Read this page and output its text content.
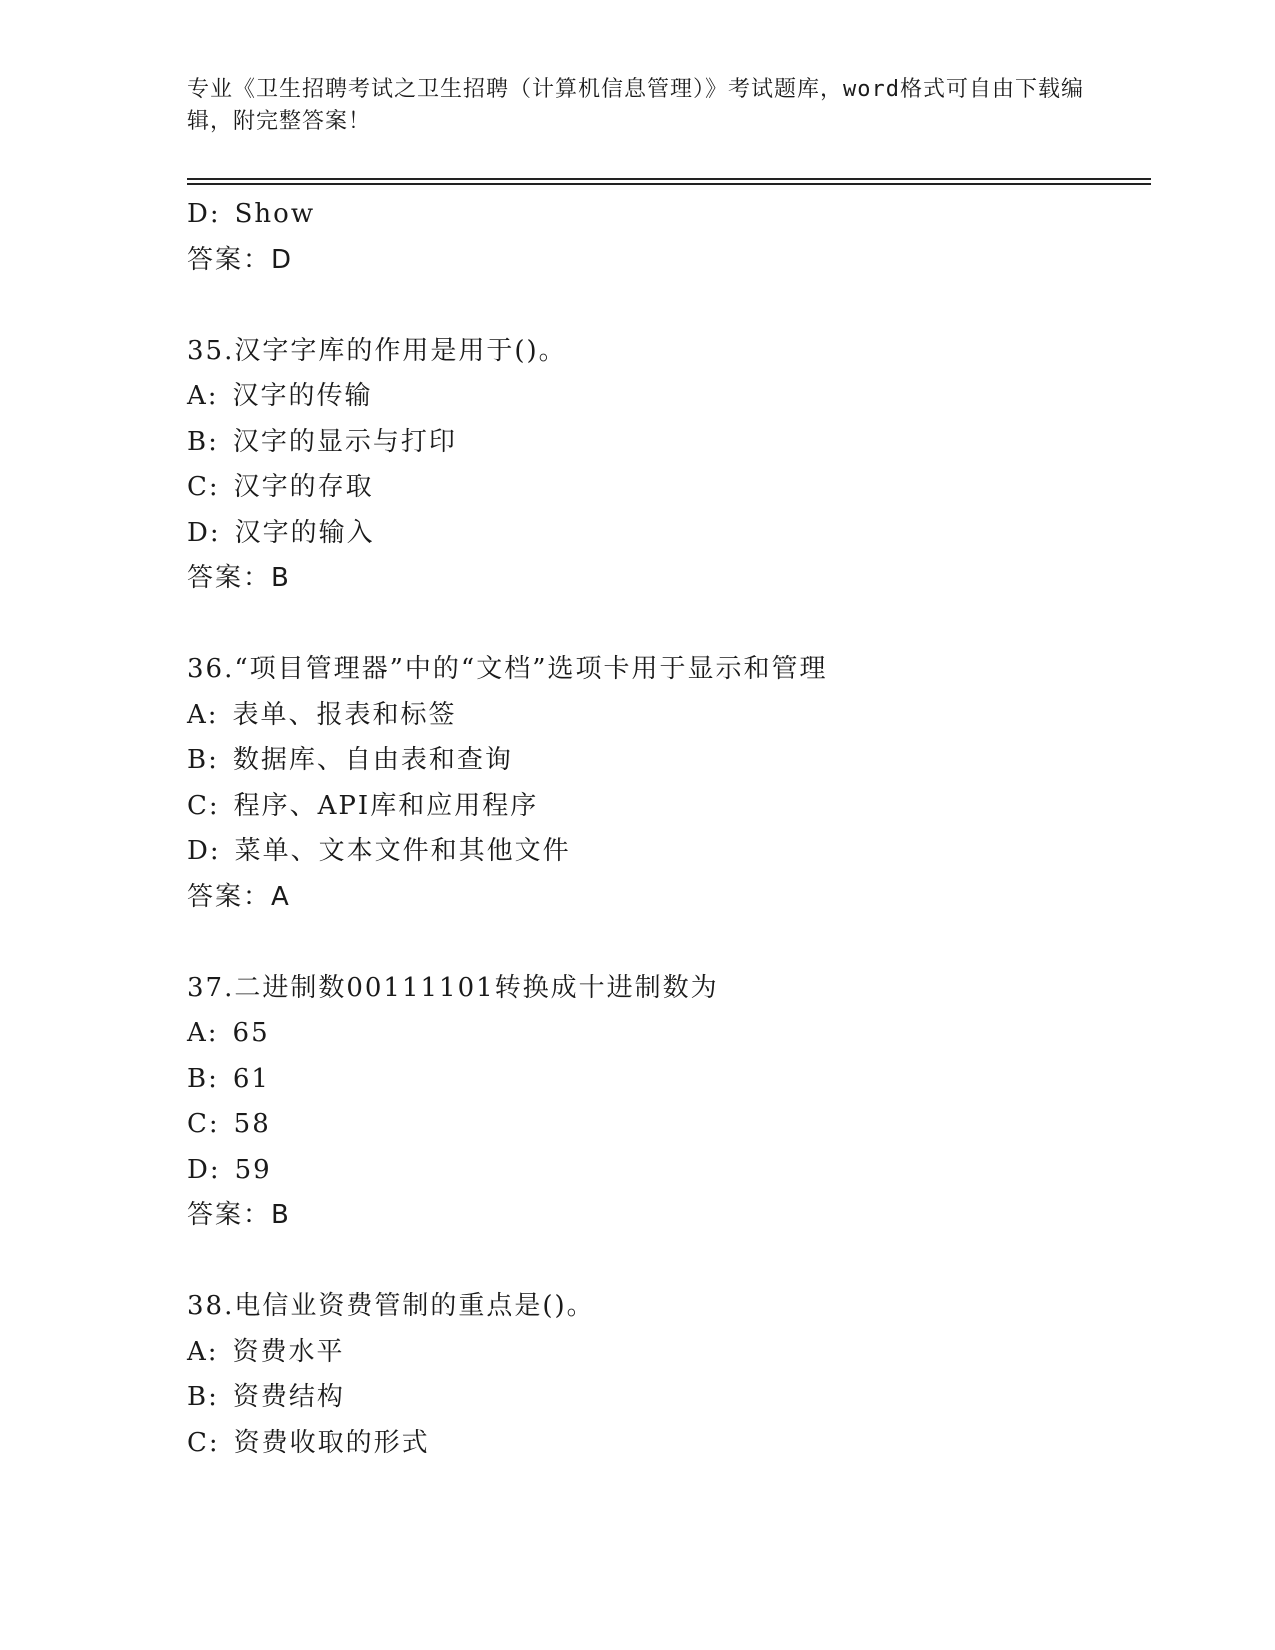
专业《卫生招聘考试之卫生招聘（计算机信息管理）》考试题库，word格式可自由下载编辑，附完整答案！
D: Show
答案：D
35.汉字字库的作用是用于()。
A: 汉字的传输
B: 汉字的显示与打印
C: 汉字的存取
D: 汉字的输入
答案：B
36.“项目管理器”中的“文档”选项卡用于显示和管理
A: 表单、报表和标签
B: 数据库、自由表和查询
C: 程序、API库和应用程序
D: 菜单、文本文件和其他文件
答案：A
37.二进制数00111101转换成十进制数为
A: 65
B: 61
C: 58
D: 59
答案：B
38.电信业资费管制的重点是()。
A: 资费水平
B: 资费结构
C: 资费收取的形式
